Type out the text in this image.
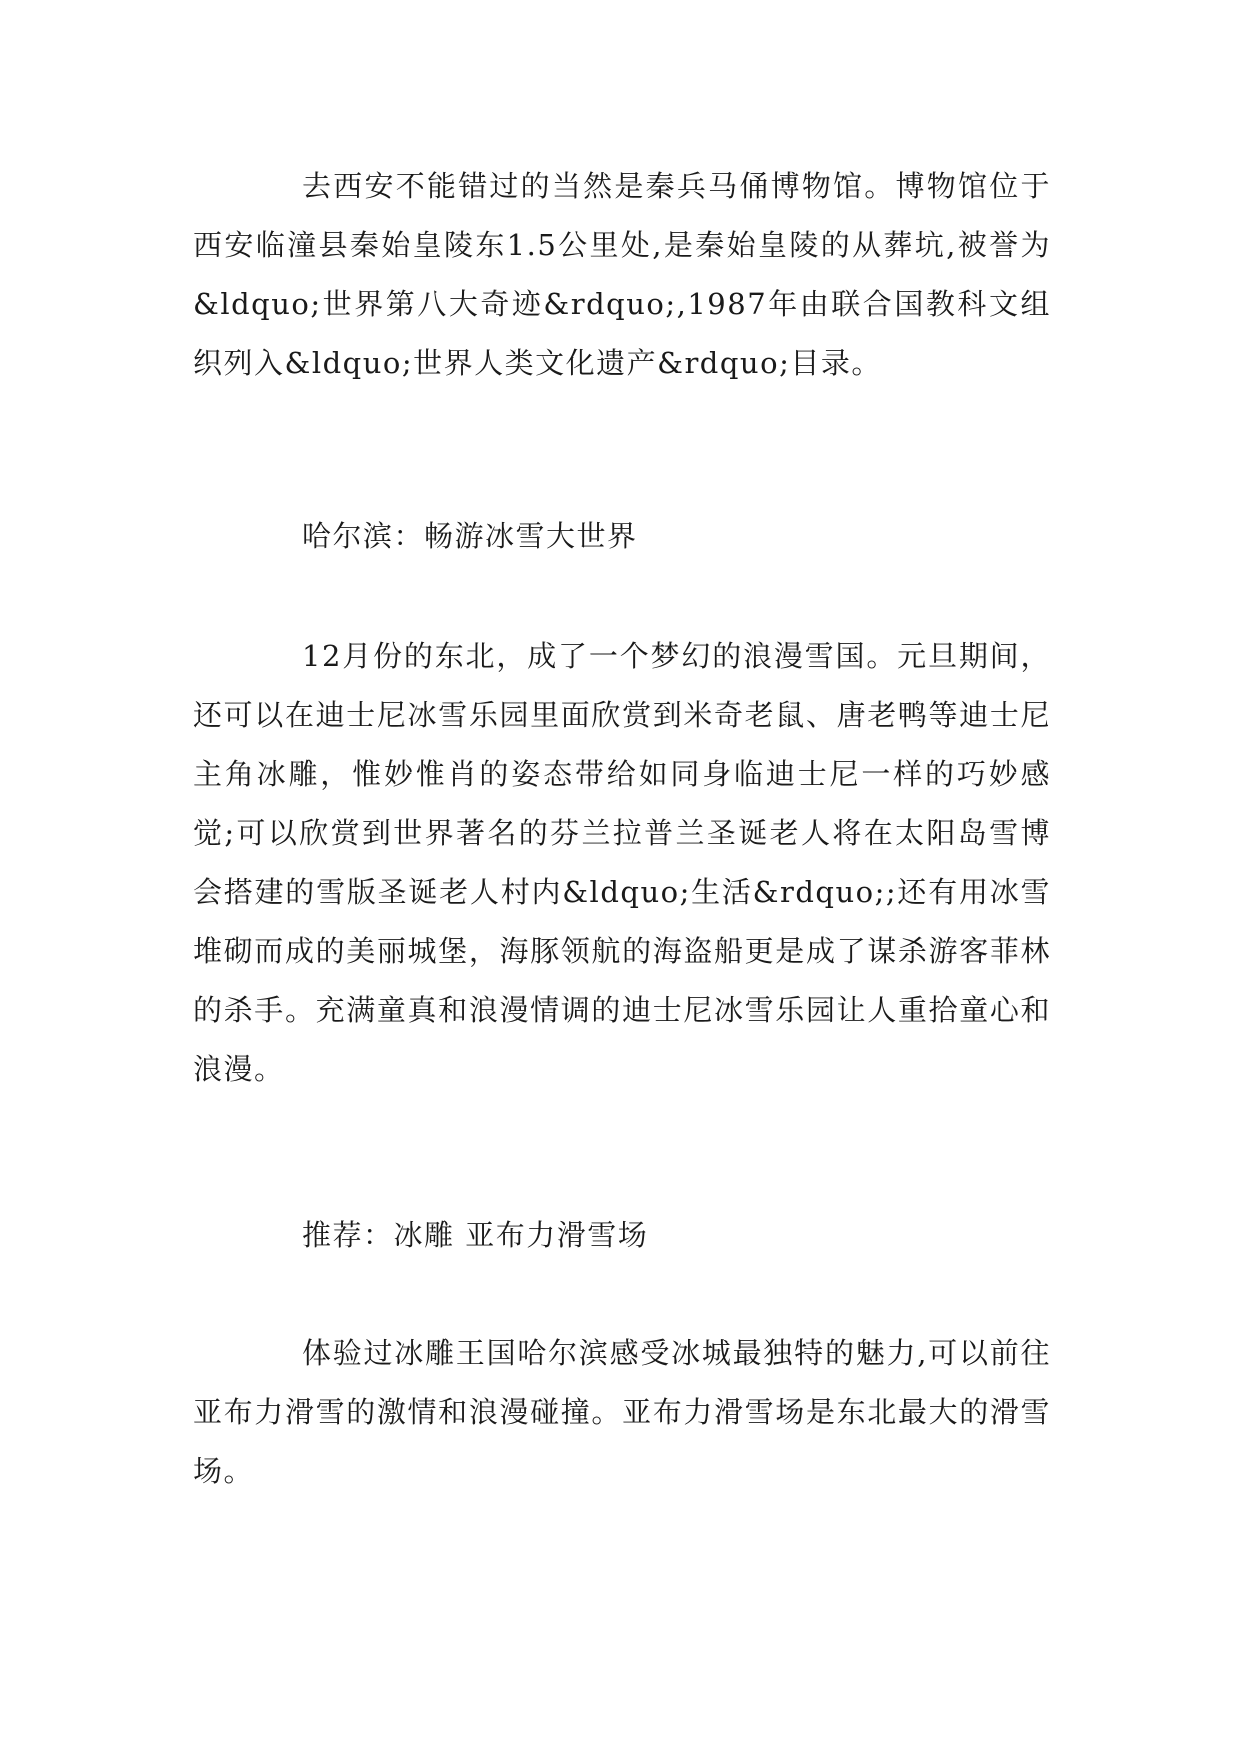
去西安不能错过的当然是秦兵马俑博物馆。博物馆位于西安临潼县秦始皇陵东1.5公里处,是秦始皇陵的从葬坑,被誉为&ldquo;世界第八大奇迹&rdquo;,1987年由联合国教科文组织列入&ldquo;世界人类文化遗产&rdquo;目录。

哈尔滨：畅游冰雪大世界

12月份的东北，成了一个梦幻的浪漫雪国。元旦期间，还可以在迪士尼冰雪乐园里面欣赏到米奇老鼠、唐老鸭等迪士尼主角冰雕，惟妙惟肖的姿态带给如同身临迪士尼一样的巧妙感觉;可以欣赏到世界著名的芬兰拉普兰圣诞老人将在太阳岛雪博会搭建的雪版圣诞老人村内&ldquo;生活&rdquo;;还有用冰雪堆砌而成的美丽城堡，海豚领航的海盗船更是成了谋杀游客菲林的杀手。充满童真和浪漫情调的迪士尼冰雪乐园让人重拾童心和浪漫。

推荐：冰雕 亚布力滑雪场

体验过冰雕王国哈尔滨感受冰城最独特的魅力,可以前往亚布力滑雪的激情和浪漫碰撞。亚布力滑雪场是东北最大的滑雪场。
